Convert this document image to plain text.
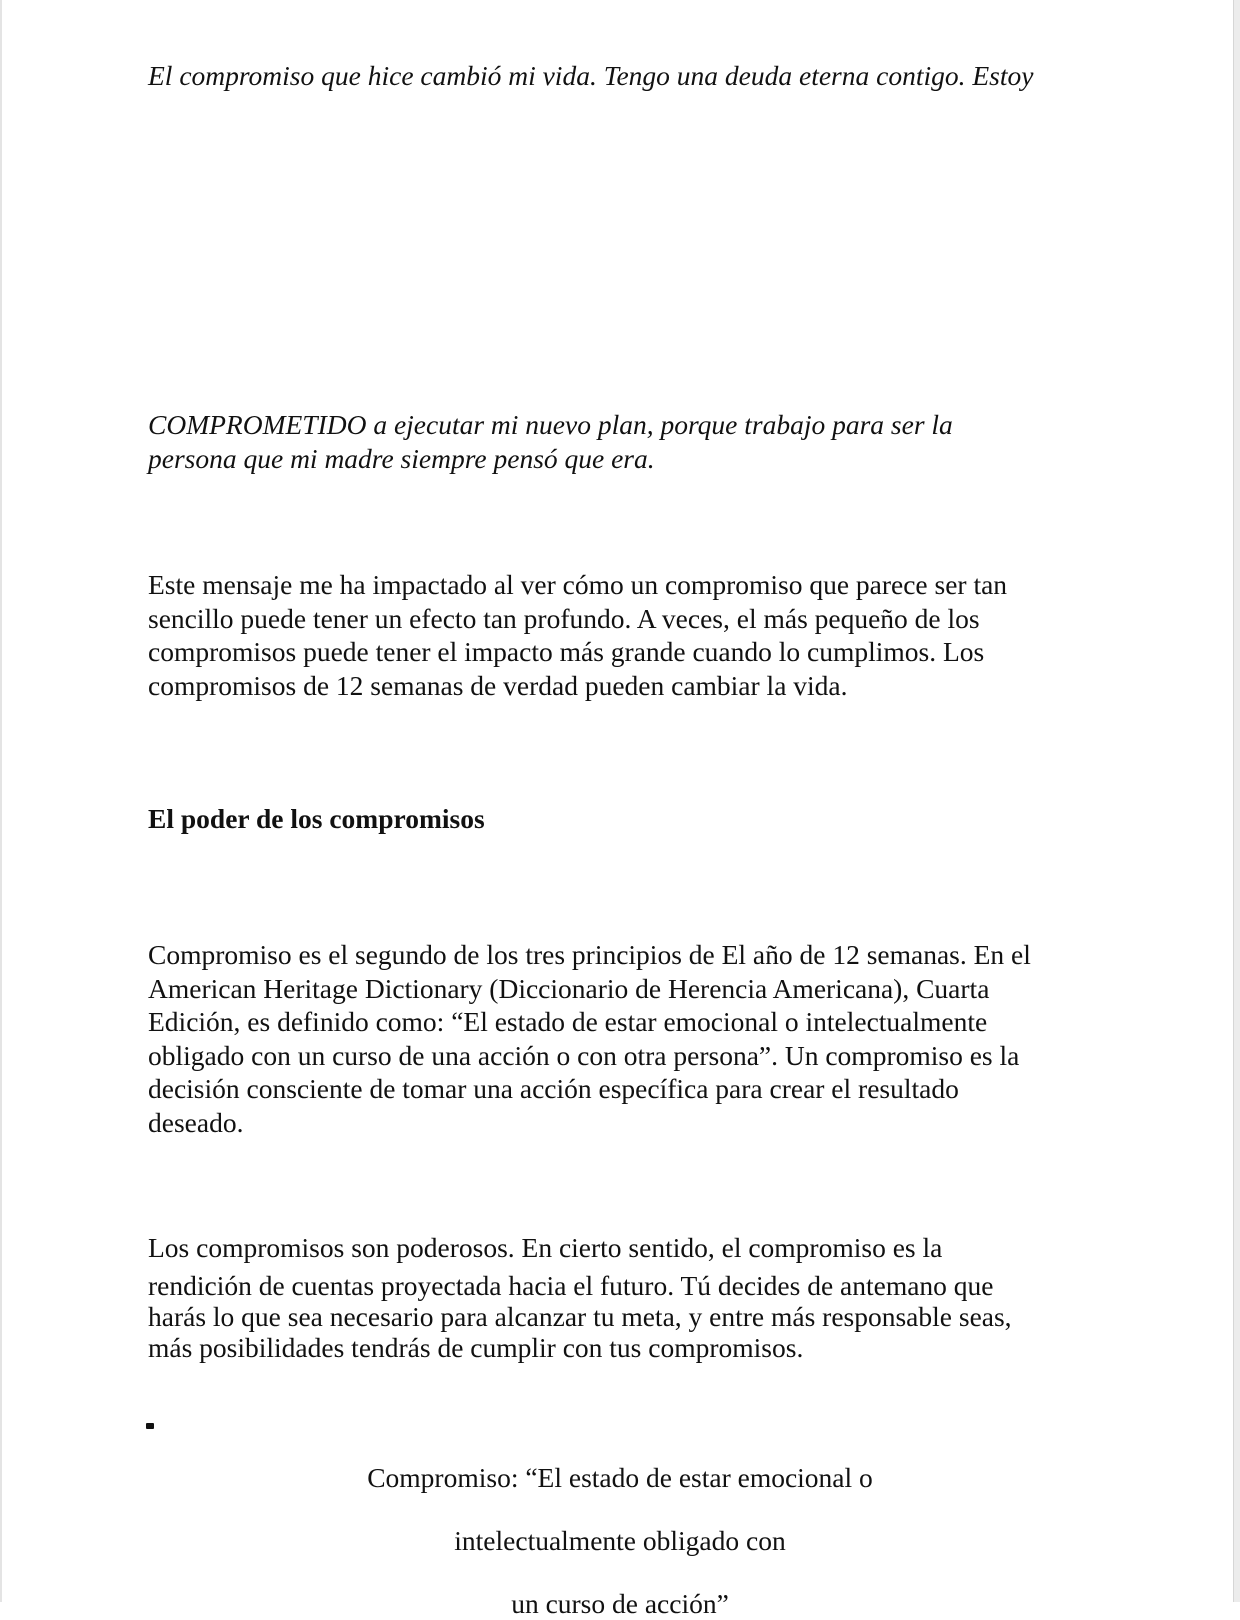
El compromiso que hice cambió mi vida. Tengo una deuda eterna contigo. Estoy

COMPROMETIDO a ejecutar mi nuevo plan, porque trabajo para ser la
persona que mi madre siempre pensó que era.

Este mensaje me ha impactado al ver cómo un compromiso que parece ser tan
sencillo puede tener un efecto tan profundo. A veces, el más pequeño de los
compromisos puede tener el impacto más grande cuando lo cumplimos. Los
compromisos de 12 semanas de verdad pueden cambiar la vida.

El poder de los compromisos

Compromiso es el segundo de los tres principios de El año de 12 semanas. En el
American Heritage Dictionary (Diccionario de Herencia Americana), Cuarta
Edición, es definido como: “El estado de estar emocional o intelectualmente
obligado con un curso de una acción o con otra persona”. Un compromiso es la
decisión consciente de tomar una acción específica para crear el resultado
deseado.

Los compromisos son poderosos. En cierto sentido, el compromiso es la
rendición de cuentas proyectada hacia el futuro. Tú decides de antemano que
harás lo que sea necesario para alcanzar tu meta, y entre más responsable seas,
más posibilidades tendrás de cumplir con tus compromisos.

Compromiso: “El estado de estar emocional o

intelectualmente obligado con

un curso de acción”
